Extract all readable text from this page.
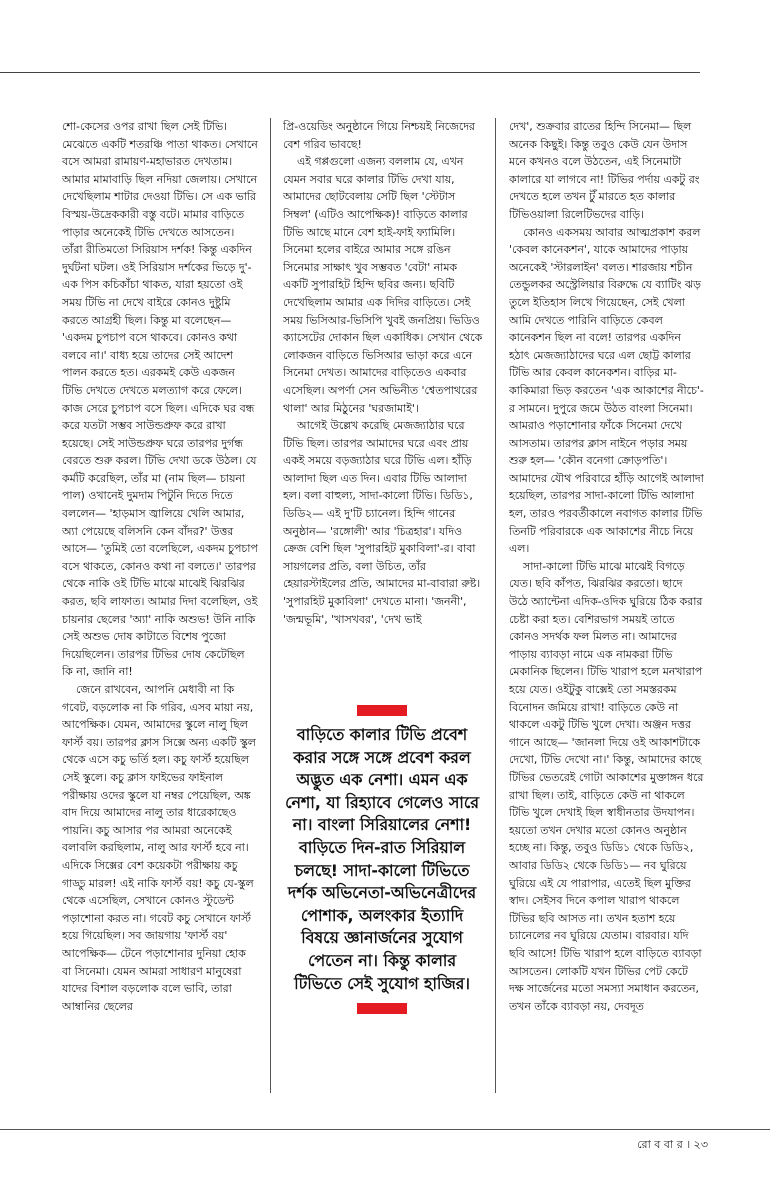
শো-কেসের ওপর রাখা ছিল সেই টিভি। মেঝেতে একটি শতরঞ্চি পাতা থাকত। সেখানে বসে আমরা রামায়ণ-মহাভারত দেখতাম। আমার মামাবাড়ি ছিল নদিয়া জেলায়। সেখানে দেখেছিলাম শাটার দেওয়া টিভি। সে এক ভারি বিস্ময়-উদ্রেককারী বস্তু বটে। মামার বাড়িতে পাড়ার অনেকেই টিভি দেখতে আসতেন। তাঁরা রীতিমতো সিরিয়াস দর্শক! কিন্তু একদিন দুর্ঘটনা ঘটল। ওই সিরিয়াস দর্শকের ভিড়ে দু'-এক পিস কচিকাঁচা থাকত, যারা হয়তো ওই সময় টিভি না দেখে বাইরে কোনও দুষ্টুমি করতে আগ্রহী ছিল। কিন্তু মা বলেছেন— 'একদম চুপচাপ বসে থাকবে। কোনও কথা বলবে না।' বাধ্য হয়ে তাদের সেই আদেশ পালন করতে হত। এরকমই কেউ একজন টিভি দেখতে দেখতে মলত্যাগ করে ফেলে। কাজ সেরে চুপচাপ বসে ছিল। এদিকে ঘর বন্ধ করে যতটা সম্ভব সাউন্ডপ্রুফ করে রাখা হয়েছে। সেই সাউন্ডপ্রুফ ঘরে তারপর দুর্গন্ধ বেরতে শুরু করল। টিভি দেখা ডকে উঠল। যে কর্মটি করেছিল, তাঁর মা (নাম ছিল— চায়না পাল) ওখানেই দুমদাম পিটুনি দিতে দিতে বললেন— 'হাড়মাস জ্বালিয়ে খেলি আমার, অ্যা পেয়েছে বলিসনি কেন বাঁদর?' উত্তর আসে— 'তুমিই তো বলেছিলে, একদম চুপচাপ বসে থাকতে, কোনও কথা না বলতে।' তারপর থেকে নাকি ওই টিভি মাঝে মাঝেই ঝিরঝির করত, ছবি লাফাত। আমার দিদা বলেছিল, ওই চায়নার ছেলের 'অ্যা' নাকি অশুভ! উনি নাকি সেই অশুভ দোষ কাটাতে বিশেষ পুজো দিয়েছিলেন। তারপর টিভির দোষ কেটেছিল কি না, জানি না!

জেনে রাখবেন, আপনি মেধাবী না কি গবেট, বড়লোক না কি গরিব, এসব মায়া নয়, আপেক্ষিক। যেমন, আমাদের স্কুলে নালু ছিল ফার্স্ট বয়। তারপর ক্লাস সিক্সে অন্য একটি স্কুল থেকে এসে কচু ভর্তি হল। কচু ফার্স্ট হয়েছিল সেই স্কুলে। কচু ক্লাস ফাইভের ফাইনাল পরীক্ষায় ওদের স্কুলে যা নম্বর পেয়েছিল, অঙ্ক বাদ দিয়ে আমাদের নালু তার ধারেকাছেও পায়নি। কচু আসার পর আমরা অনেকেই বলাবলি করছিলাম, নালু আর ফার্স্ট হবে না। এদিকে সিক্সের বেশ কয়েকটা পরীক্ষায় কচু গাড্ডু মারল! এই নাকি ফার্স্ট বয়! কচু যে-স্কুল থেকে এসেছিল, সেখানে কোনও স্টুডেন্ট পড়াশোনা করত না। গবেট কচু সেখানে ফার্স্ট হয়ে গিয়েছিল। সব জায়গায় 'ফার্স্ট বয়' আপেক্ষিক— টেনে পড়াশোনার দুনিয়া হোক বা সিনেমা। যেমন আমরা সাধারণ মানুষেরা যাদের বিশাল বড়লোক বলে ভাবি, তারা আম্বানির ছেলের

প্রি-ওয়েডিং অনুষ্ঠানে গিয়ে নিশ্চয়ই নিজেদের বেশ গরিব ভাবছে!

এই গপ্পগুলো এজন্য বললাম যে, এখন যেমন সবার ঘরে কালার টিভি দেখা যায়, আমাদের ছোটবেলায় সেটি ছিল 'স্টেটাস সিম্বল' (এটিও আপেক্ষিক)! বাড়িতে কালার টিভি আছে মানে বেশ হাই-ফাই ফ্যামিলি। সিনেমা হলের বাইরে আমার সঙ্গে রঙিন সিনেমার সাক্ষাৎ খুব সম্ভবত 'বেটা' নামক একটি সুপারহিট হিন্দি ছবির জন্য। ছবিটি দেখেছিলাম আমার এক দিদির বাড়িতে। সেই সময় ভিসিআর-ভিসিপি খুবই জনপ্রিয়। ভিডিও ক্যাসেটের দোকান ছিল একাধিক। সেখান থেকে লোকজন বাড়িতে ভিসিআর ভাড়া করে এনে সিনেমা দেখত। আমাদের বাড়িতেও একবার এসেছিল। অপর্ণা সেন অভিনীত 'শ্বেতপাথরের থালা' আর মিঠুনের 'ঘরজামাই'।

আগেই উল্লেখ করেছি মেজজ্যাঠার ঘরে টিভি ছিল। তারপর আমাদের ঘরে এবং প্রায় একই সময়ে বড়জ্যাঠার ঘরে টিভি এল। হাঁড়ি আলাদা ছিল এত দিন। এবার টিভি আলাদা হল। বলা বাহুল্য, সাদা-কালো টিভি। ডিডি১, ডিডি২— এই দু'টি চ্যানেল। হিন্দি গানের অনুষ্ঠান— 'রঙ্গোলী' আর 'চিত্রহার'। যদিও ক্রেজ বেশি ছিল 'সুপারহিট মুকাবিলা'-র। বাবা সায়গলের প্রতি, বলা উচিত, তাঁর হেয়ারস্টাইলের প্রতি, আমাদের মা-বাবারা রুষ্ট। 'সুপারহিট মুকাবিলা' দেখতে মানা। 'জননী', 'জন্মভূমি', 'খাসখবর', 'দেখ ভাই

বাড়িতে কালার টিভি প্রবেশ করার সঙ্গে সঙ্গে প্রবেশ করল অদ্ভুত এক নেশা। এমন এক নেশা, যা রিহ্যাবে গেলেও সারে না। বাংলা সিরিয়ালের নেশা! বাড়িতে দিন-রাত সিরিয়াল চলছে! সাদা-কালো টিভিতে দর্শক অভিনেতা-অভিনেত্রীদের পোশাক, অলংকার ইত্যাদি বিষয়ে জ্ঞানার্জনের সুযোগ পেতেন না। কিন্তু কালার টিভিতে সেই সুযোগ হাজির।

দেখ', শুক্রবার রাতের হিন্দি সিনেমা— ছিল অনেক কিছুই। কিন্তু তবুও কেউ যেন উদাস মনে কখনও বলে উঠতেন, এই সিনেমাটা কালারে যা লাগবে না! টিভির পর্দায় একটু রং দেখতে হলে তখন টুঁ মারতে হত কালার টিভিওয়ালা রিলেটিভদের বাড়ি।

কোনও একসময় আবার আত্মপ্রকাশ করল 'কেবল কানেকশন', যাকে আমাদের পাড়ায় অনেকেই 'স্টারলাইন' বলত। শারজায় শচীন তেন্ডুলকর অস্ট্রেলিয়ার বিরুদ্ধে যে ব্যাটিং ঝড় তুলে ইতিহাস লিখে গিয়েছেন, সেই খেলা আমি দেখতে পারিনি বাড়িতে কেবল কানেকশন ছিল না বলে! তারপর একদিন হঠাৎ মেজজ্যাঠাদের ঘরে এল ছোট্ট কালার টিভি আর কেবল কানেকশন। বাড়ির মা-কাকিমারা ভিড় করতেন 'এক আকাশের নীচে'-র সামনে। দুপুরে জমে উঠত বাংলা সিনেমা। আমরাও পড়াশোনার ফাঁকে সিনেমা দেখে আসতাম। তারপর ক্লাস নাইনে পড়ার সময় শুরু হল— 'কৌন বনেগা ক্রোড়পতি'। আমাদের যৌথ পরিবারে হাঁড়ি আগেই আলাদা হয়েছিল, তারপর সাদা-কালো টিভি আলাদা হল, তারও পরবর্তীকালে নবাগত কালার টিভি তিনটি পরিবারকে এক আকাশের নীচে নিয়ে এল।

সাদা-কালো টিভি মাঝে মাঝেই বিগড়ে যেত। ছবি কাঁপত, ঝিরঝির করতো। ছাদে উঠে অ্যান্টেনা এদিক-ওদিক ঘুরিয়ে ঠিক করার চেষ্টা করা হত। বেশিরভাগ সময়ই তাতে কোনও সদর্থক ফল মিলত না। আমাদের পাড়ায় ব্যাবড়া নামে এক নামকরা টিভি মেকানিক ছিলেন। টিভি খারাপ হলে মনখারাপ হয়ে যেত। ওইটুকু বাক্সেই তো সমস্তরকম বিনোদন জমিয়ে রাখা! বাড়িতে কেউ না থাকলে একটু টিভি খুলে দেখা। অঞ্জন দত্তর গানে আছে— 'জানলা দিয়ে ওই আকাশটাকে দেখো, টিভি দেখো না।' কিন্তু, আমাদের কাছে টিভির ভেতরেই গোটা আকাশের মুক্তাঙ্গন ধরে রাখা ছিল। তাই, বাড়িতে কেউ না থাকলে টিভি খুলে দেখাই ছিল স্বাধীনতার উদযাপন। হয়তো তখন দেখার মতো কোনও অনুষ্ঠান হচ্ছে না। কিন্তু, তবুও ডিডি১ থেকে ডিডি২, আবার ডিডি২ থেকে ডিডি১— নব ঘুরিয়ে ঘুরিয়ে এই যে পারাপার, এতেই ছিল মুক্তির স্বাদ। সেইসব দিনে কপাল খারাপ থাকলে টিভির ছবি আসত না। তখন হতাশ হয়ে চ্যানেলের নব ঘুরিয়ে যেতাম। বারবার। যদি ছবি আসে! টিভি খারাপ হলে বাড়িতে ব্যাবড়া আসতেন। লোকটি যখন টিভির পেট কেটে দক্ষ সার্জেনের মতো সমস্যা সমাধান করতেন, তখন তাঁকে ব্যাবড়া নয়, দেবদূত

রো ব বা র । ২৩
